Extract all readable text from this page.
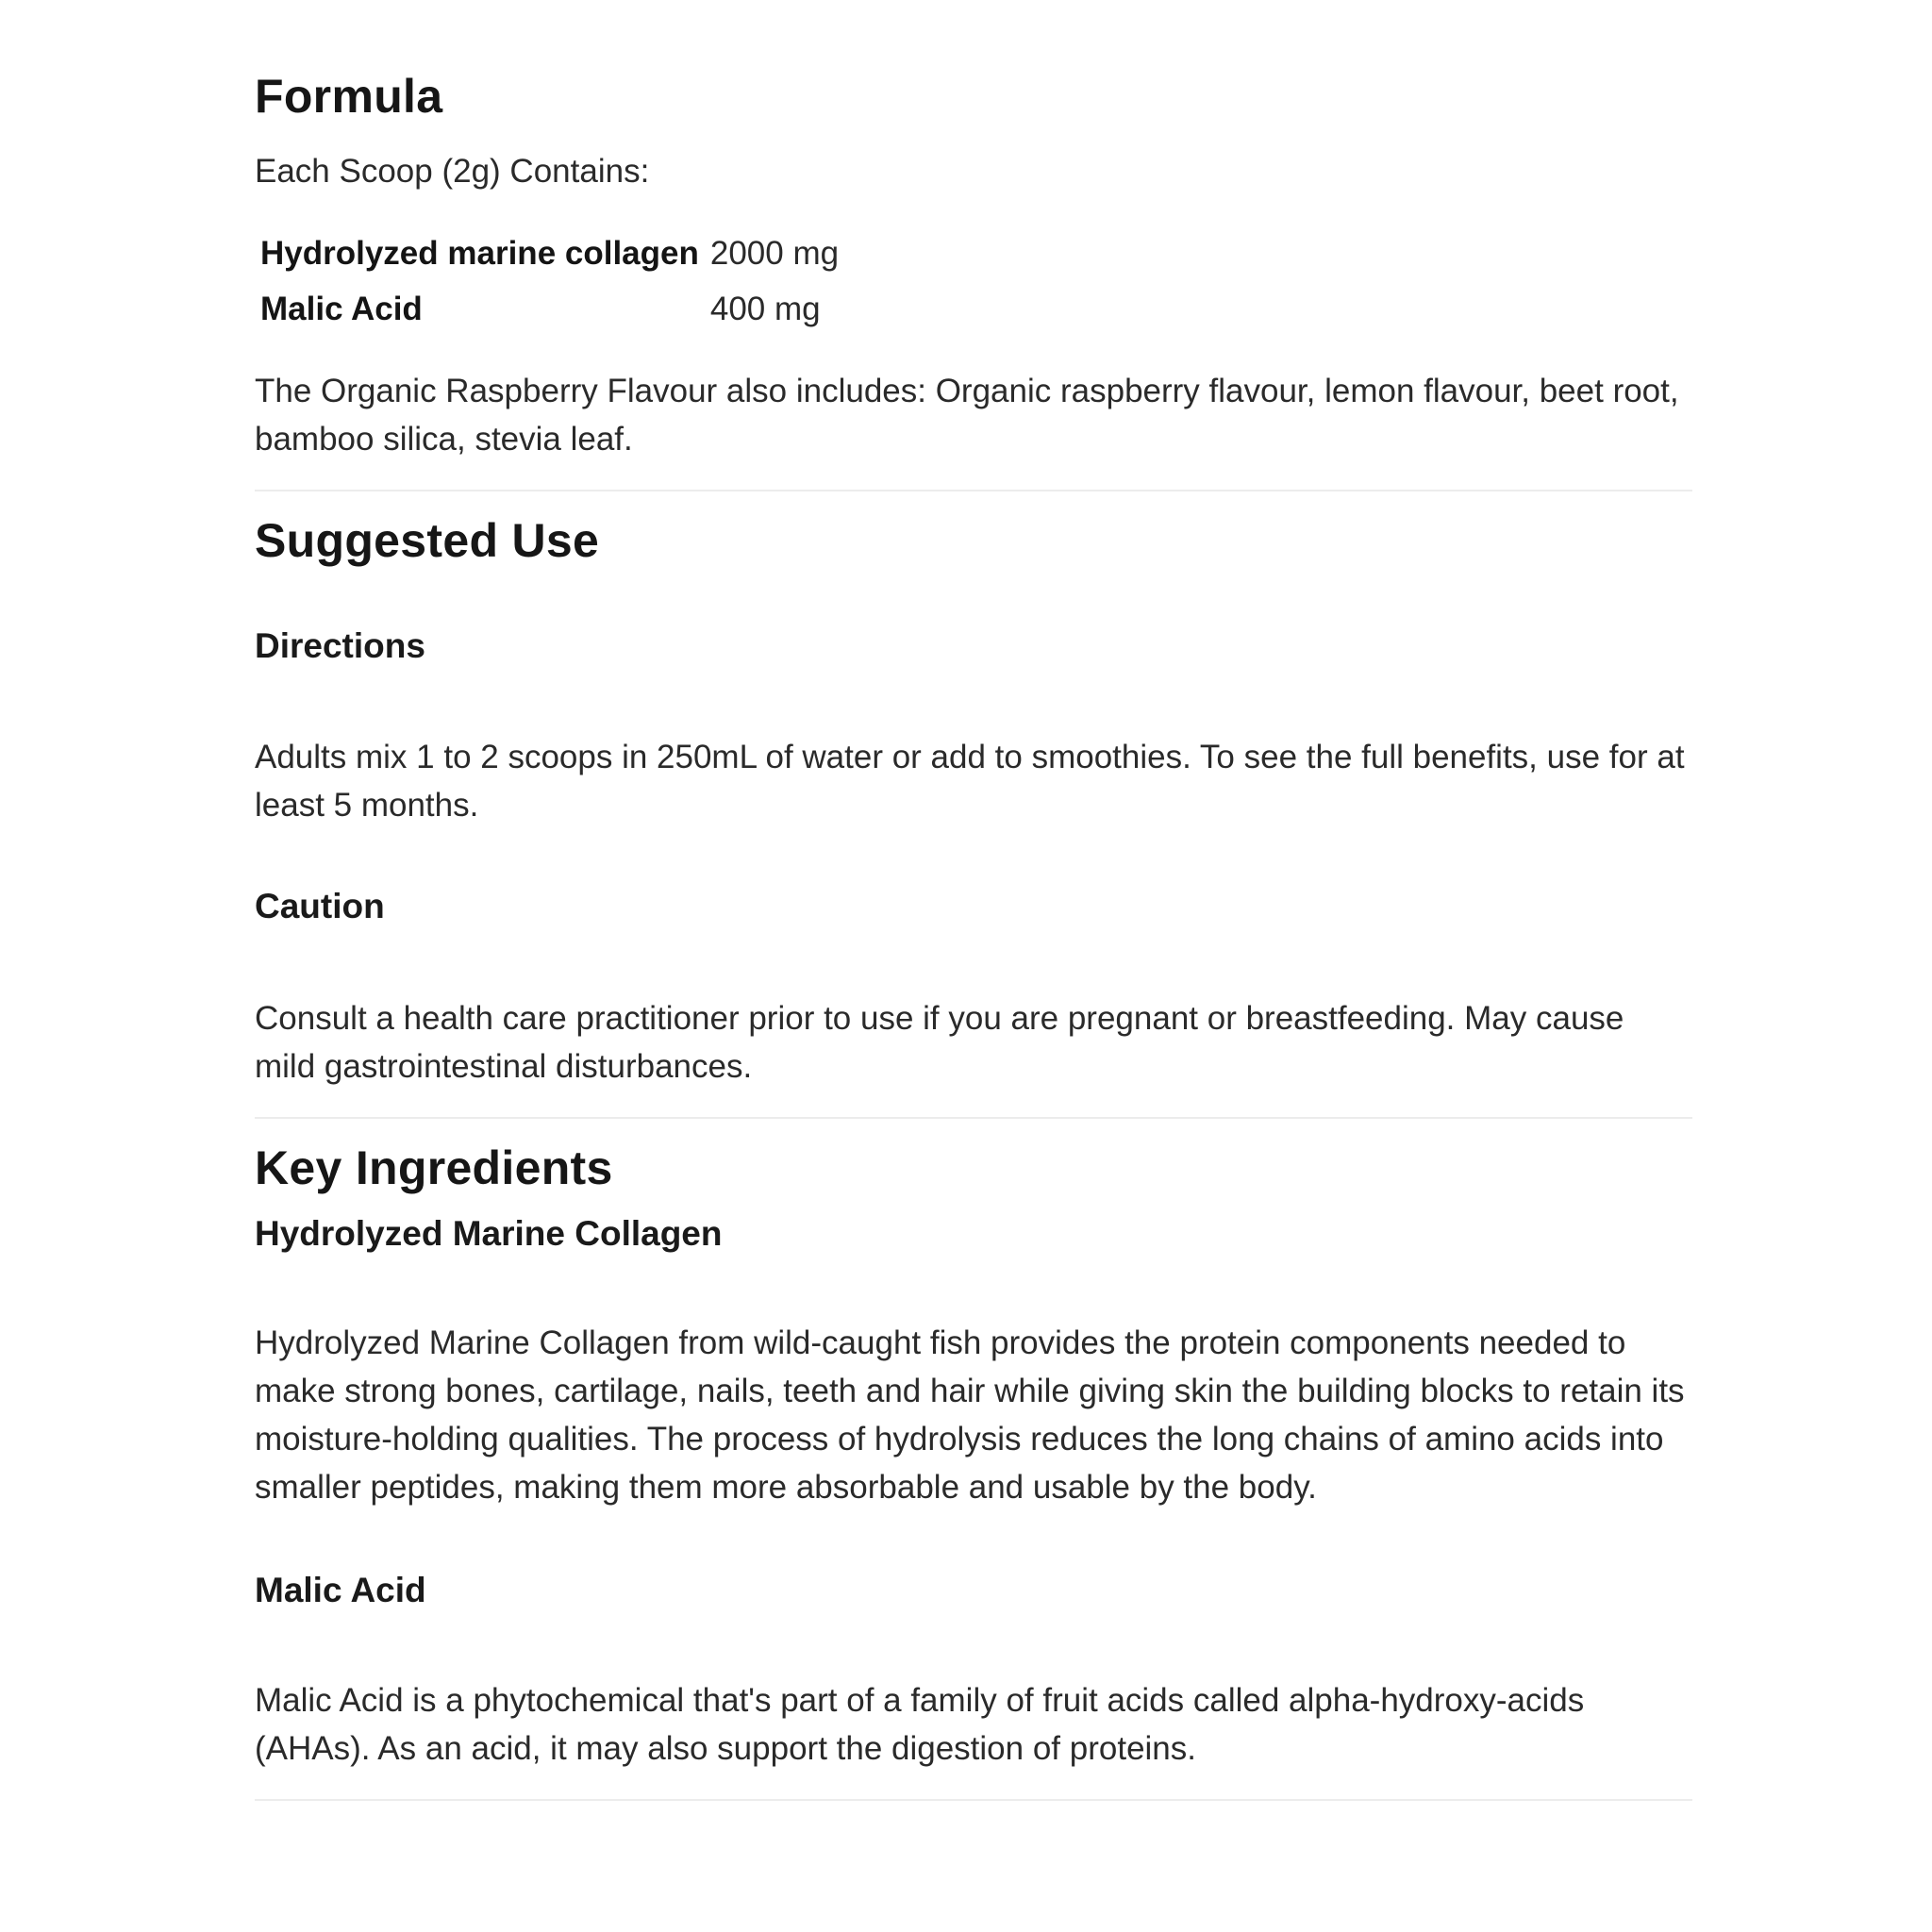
Formula

Each Scoop (2g) Contains:

Hydrolyzed marine collagen	2000 mg
Malic Acid	400 mg

The Organic Raspberry Flavour also includes: Organic raspberry flavour, lemon flavour, beet root, bamboo silica, stevia leaf.

Suggested Use
Directions

Adults mix 1 to 2 scoops in 250mL of water or add to smoothies. To see the full benefits, use for at least 5 months.

Caution

Consult a health care practitioner prior to use if you are pregnant or breastfeeding. May cause mild gastrointestinal disturbances.

Key Ingredients
Hydrolyzed Marine Collagen

Hydrolyzed Marine Collagen from wild-caught fish provides the protein components needed to make strong bones, cartilage, nails, teeth and hair while giving skin the building blocks to retain its moisture-holding qualities. The process of hydrolysis reduces the long chains of amino acids into smaller peptides, making them more absorbable and usable by the body.

Malic Acid

Malic Acid is a phytochemical that's part of a family of fruit acids called alpha-hydroxy-acids (AHAs). As an acid, it may also support the digestion of proteins.
